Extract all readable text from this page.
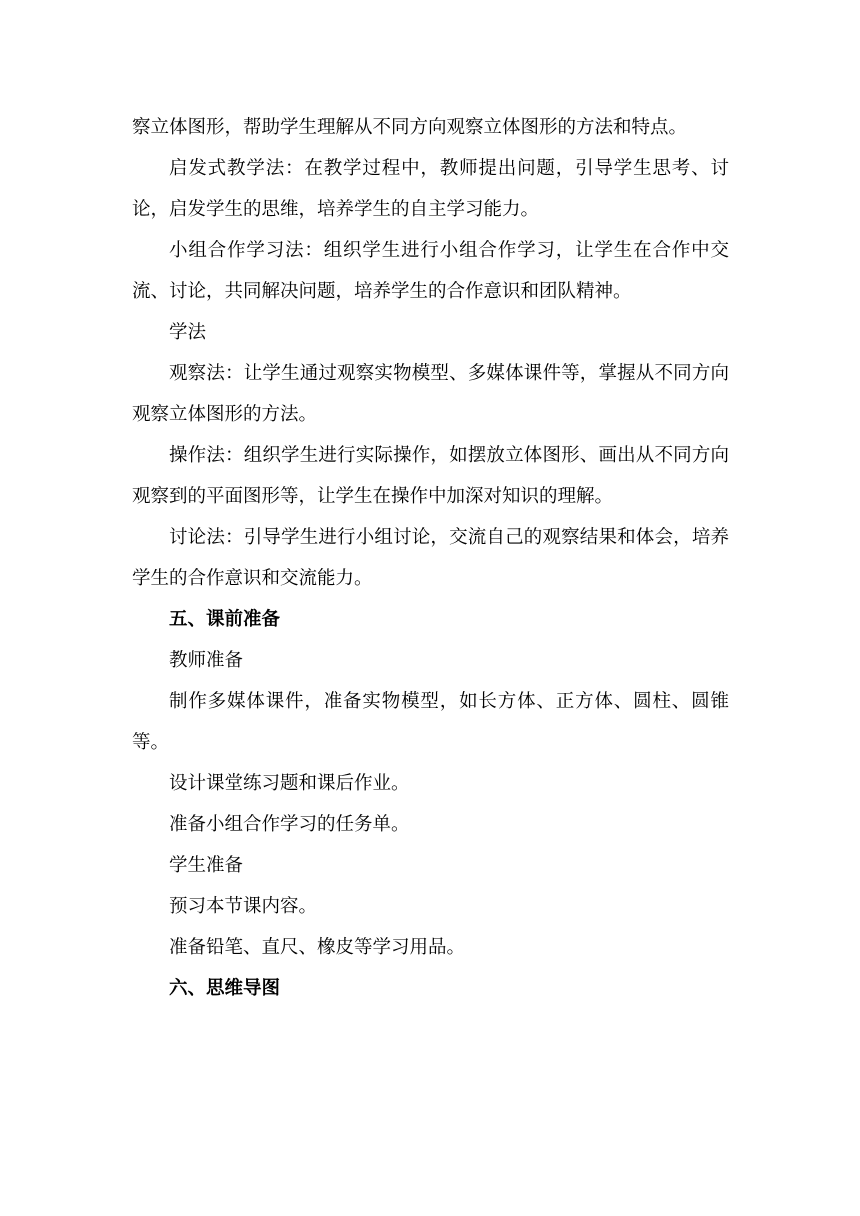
察立体图形，帮助学生理解从不同方向观察立体图形的方法和特点。

启发式教学法：在教学过程中，教师提出问题，引导学生思考、讨论，启发学生的思维，培养学生的自主学习能力。

小组合作学习法：组织学生进行小组合作学习，让学生在合作中交流、讨论，共同解决问题，培养学生的合作意识和团队精神。

学法

观察法：让学生通过观察实物模型、多媒体课件等，掌握从不同方向观察立体图形的方法。

操作法：组织学生进行实际操作，如摆放立体图形、画出从不同方向观察到的平面图形等，让学生在操作中加深对知识的理解。

讨论法：引导学生进行小组讨论，交流自己的观察结果和体会，培养学生的合作意识和交流能力。

五、课前准备

教师准备

制作多媒体课件，准备实物模型，如长方体、正方体、圆柱、圆锥等。

设计课堂练习题和课后作业。

准备小组合作学习的任务单。

学生准备

预习本节课内容。

准备铅笔、直尺、橡皮等学习用品。

六、思维导图
